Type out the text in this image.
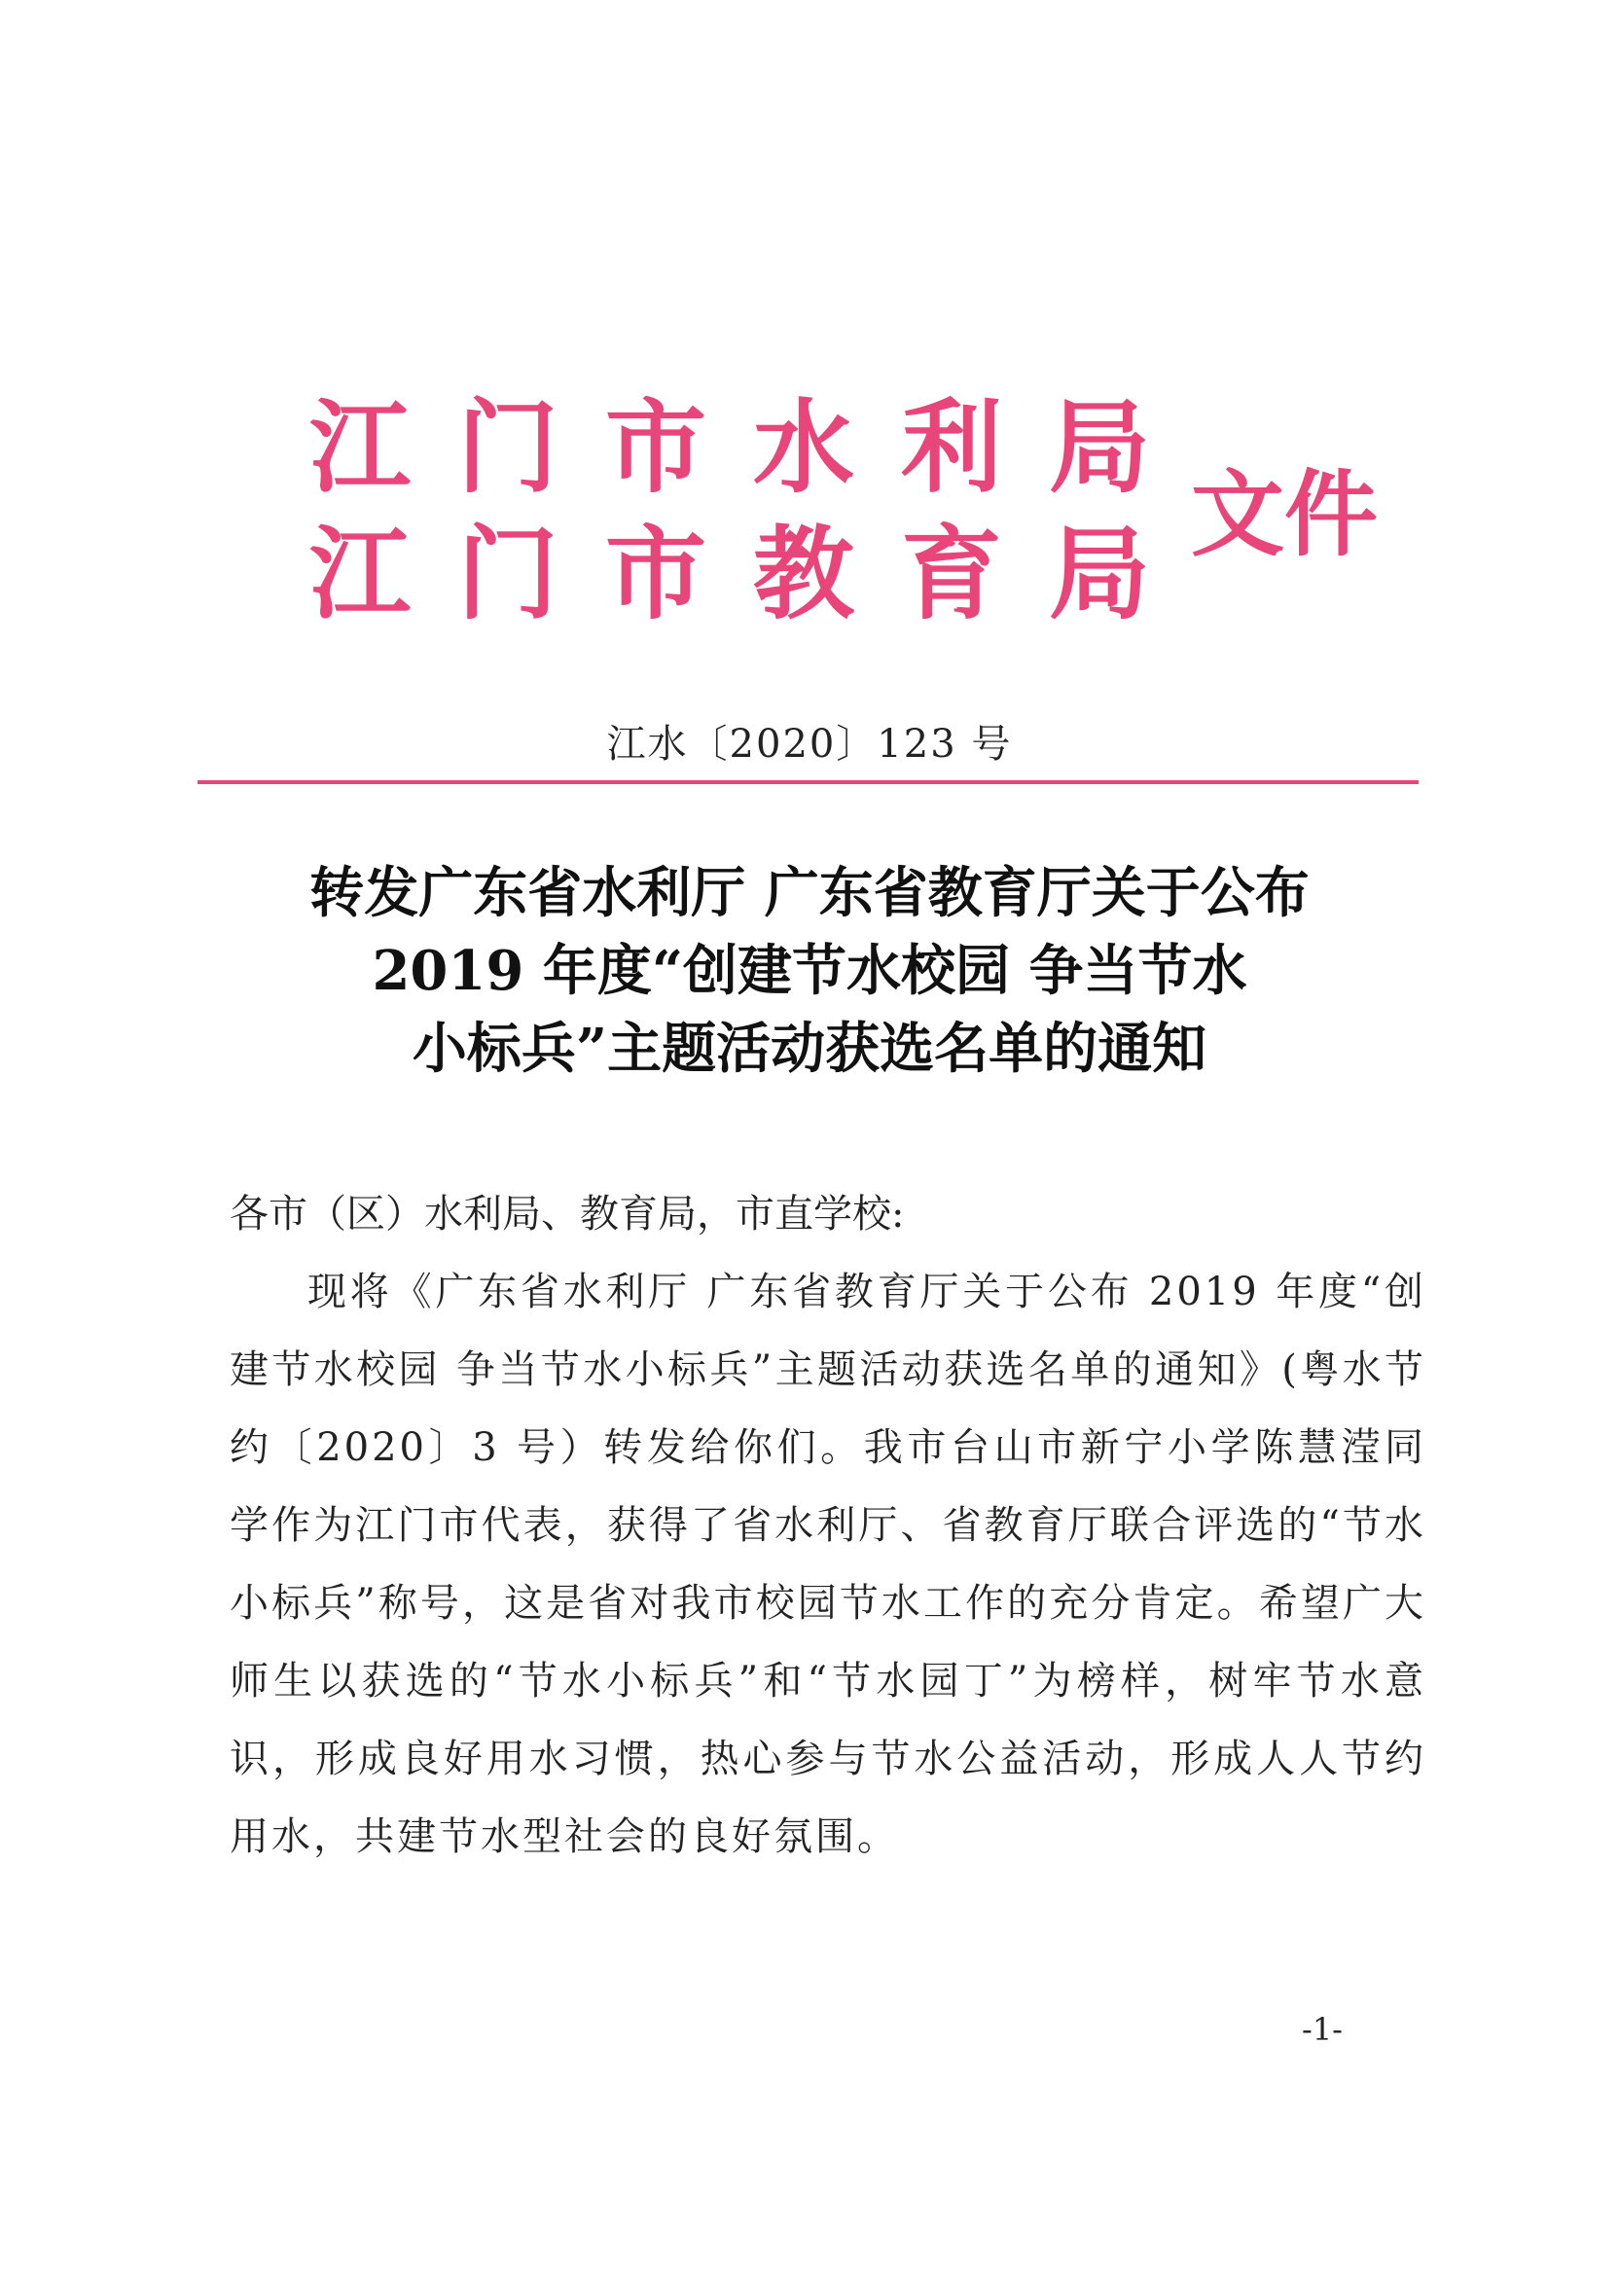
江门市水利局
江门市教育局
文件
江水〔2020〕123 号
转发广东省水利厅 广东省教育厅关于公布
2019 年度“创建节水校园 争当节水
小标兵”主题活动获选名单的通知
各市（区）水利局、教育局，市直学校:
现将《广东省水利厅 广东省教育厅关于公布 2019 年度“创建节水校园 争当节水小标兵”主题活动获选名单的通知》(粤水节约〔2020〕3 号）转发给你们。我市台山市新宁小学陈慧滢同学作为江门市代表，获得了省水利厅、省教育厅联合评选的“节水小标兵”称号，这是省对我市校园节水工作的充分肯定。希望广大师生以获选的“节水小标兵”和“节水园丁”为榜样，树牢节水意识，形成良好用水习惯，热心参与节水公益活动，形成人人节约用水，共建节水型社会的良好氛围。
-1-
